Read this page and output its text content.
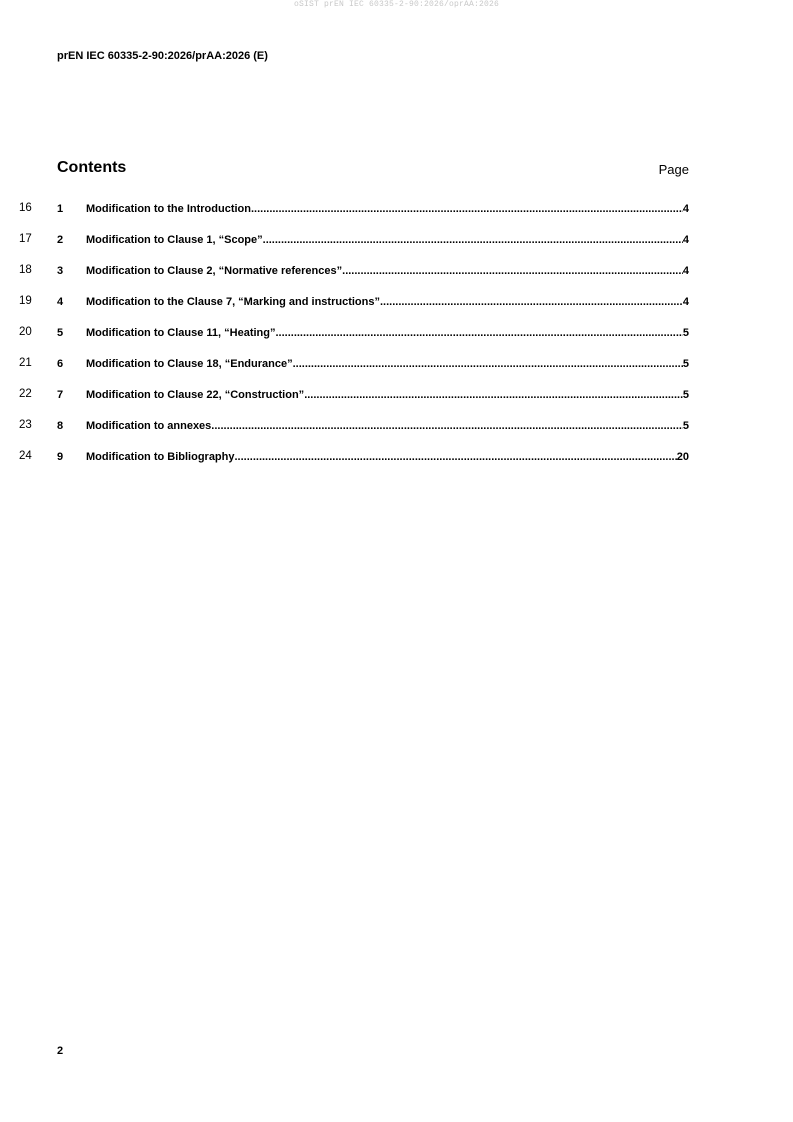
oSIST prEN IEC 60335-2-90:2026/oprAA:2026
prEN IEC 60335-2-90:2026/prAA:2026 (E)
Contents	Page
16 1	Modification to the Introduction .....	4
17 2	Modification to Clause 1, “Scope” .....	4
18 3	Modification to Clause 2, “Normative references” .....	4
19 4	Modification to the Clause 7, “Marking and instructions” .....	4
20 5	Modification to Clause 11, “Heating” .....	5
21 6	Modification to Clause 18, “Endurance” .....	5
22 7	Modification to Clause 22, “Construction” .....	5
23 8	Modification to annexes .....	5
24 9	Modification to Bibliography .....	20
2
